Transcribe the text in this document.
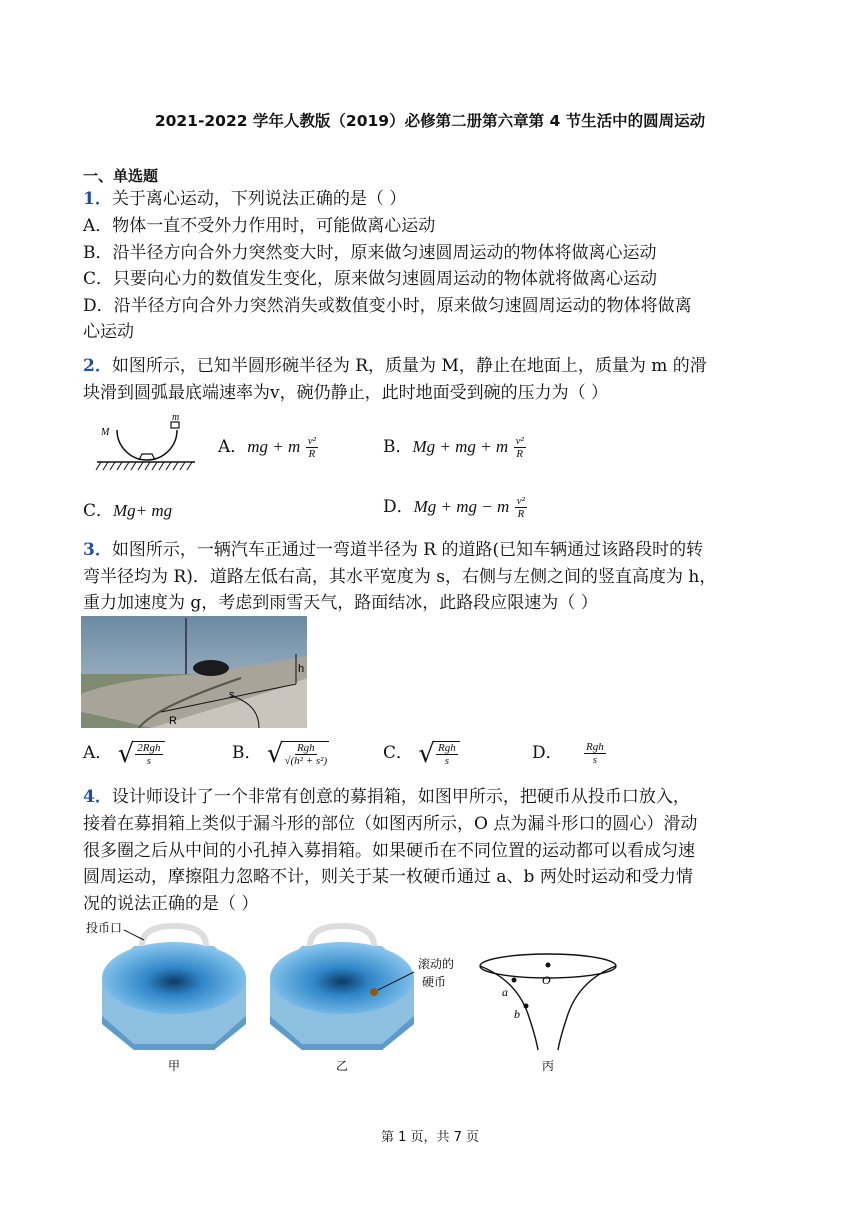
2021-2022 学年人教版（2019）必修第二册第六章第 4 节生活中的圆周运动
一、单选题
1．关于离心运动，下列说法正确的是（ ）
A．物体一直不受外力作用时，可能做离心运动
B．沿半径方向合外力突然变大时，原来做匀速圆周运动的物体将做离心运动
C．只要向心力的数值发生变化，原来做匀速圆周运动的物体就将做离心运动
D．沿半径方向合外力突然消失或数值变小时，原来做匀速圆周运动的物体将做离
心运动
2．如图所示，已知半圆形碗半径为 R，质量为 M，静止在地面上，质量为 m 的滑
块滑到圆弧最底端速率为v，碗仍静止，此时地面受到碗的压力为（ ）
M
m
A．mg + m $\frac{\text{v²}}{R}$	B．Mg + mg + m $\frac{\text{v²}}{R}$
C．Mg+ mg	D．Mg + mg − m $\frac{\text{v²}}{R}$
3．如图所示，一辆汽车正通过一弯道半径为 R 的道路(已知车辆通过该路段时的转
弯半径均为 R)．道路左低右高，其水平宽度为 s，右侧与左侧之间的竖直高度为 h，
重力加速度为 g，考虑到雨雪天气，路面结冰，此路段应限速为（ ）
h
s
R
A． √ $\frac{\text{2Rgh}}{s}$	B． √ $\frac{\text{Rgh}}{\text{√(h² + s²)}}$	C． √ $\frac{\text{Rgh}}{s}$	D． $\frac{\text{Rgh}}{s}$
4．设计师设计了一个非常有创意的募捐箱，如图甲所示，把硬币从投币口放入，
接着在募捐箱上类似于漏斗形的部位（如图丙所示，O 点为漏斗形口的圆心）滑动
很多圈之后从中间的小孔掉入募捐箱。如果硬币在不同位置的运动都可以看成匀速
圆周运动，摩擦阻力忽略不计，则关于某一枚硬币通过 a、b 两处时运动和受力情
况的说法正确的是（ ）
投币口
甲
滚动的
硬币
乙
O
a
b
丙
第 1 页，共 7 页
